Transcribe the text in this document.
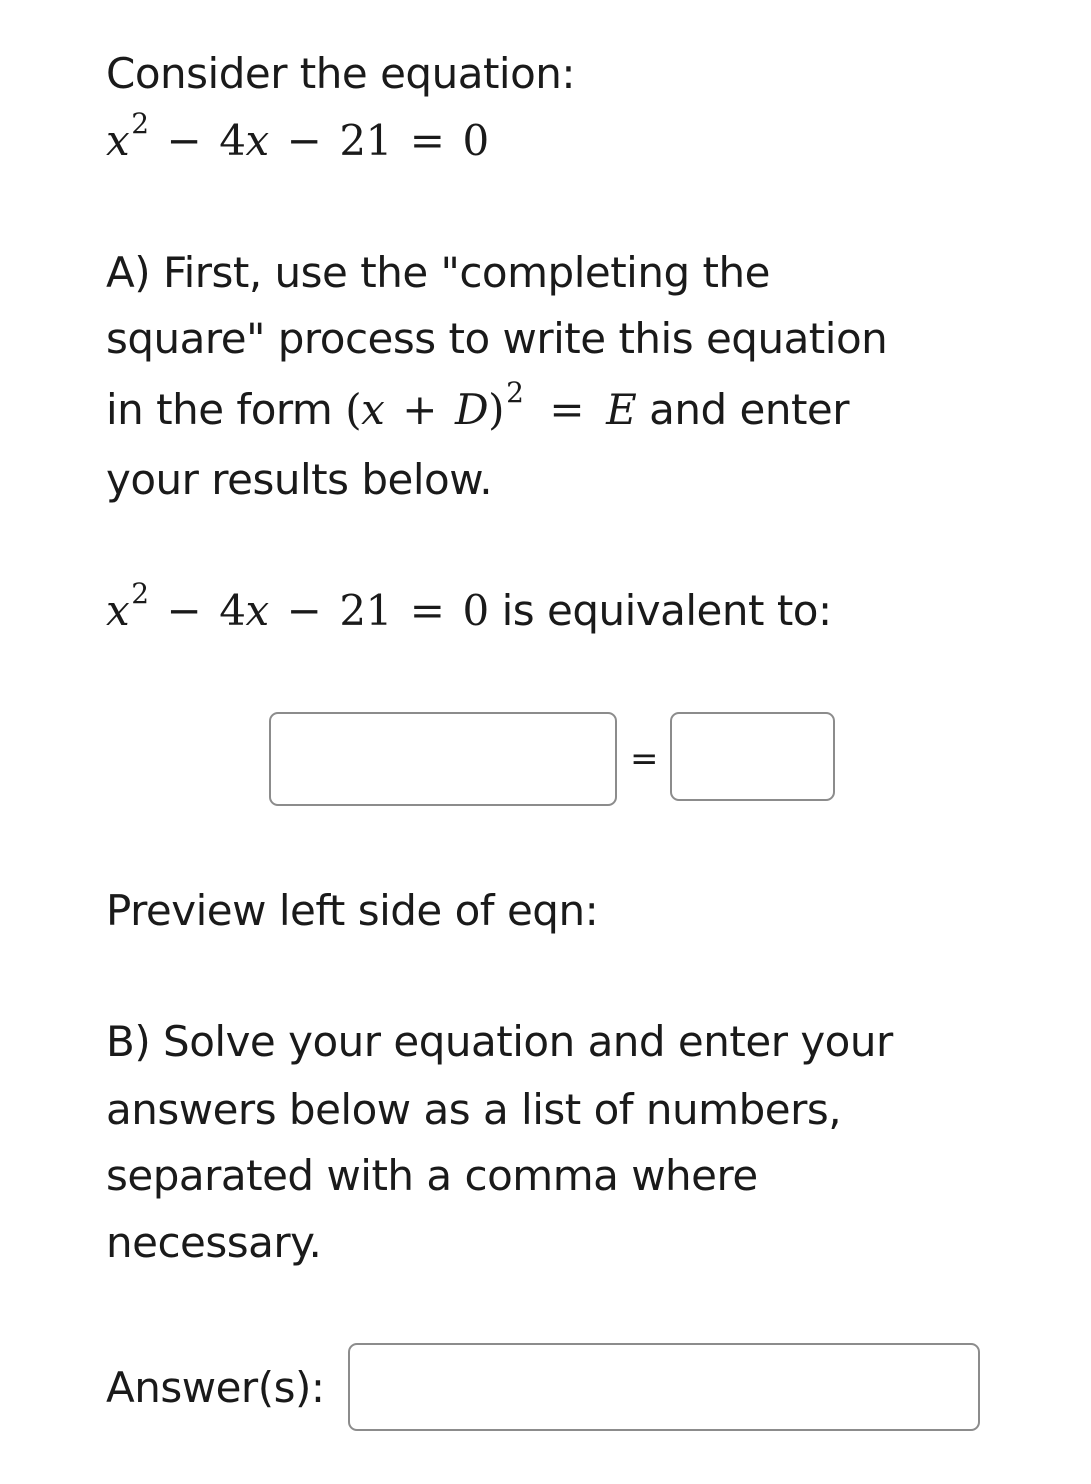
Consider the equation:
$x^2 - 4x - 21 = 0$
A) First, use the "completing the
square" process to write this equation
in the form $(x + D)^2 = E$ and enter
your results below.
$x^2 - 4x - 21 = 0$ is equivalent to:
=
Preview left side of eqn:
B) Solve your equation and enter your
answers below as a list of numbers,
separated with a comma where
necessary.
Answer(s):
